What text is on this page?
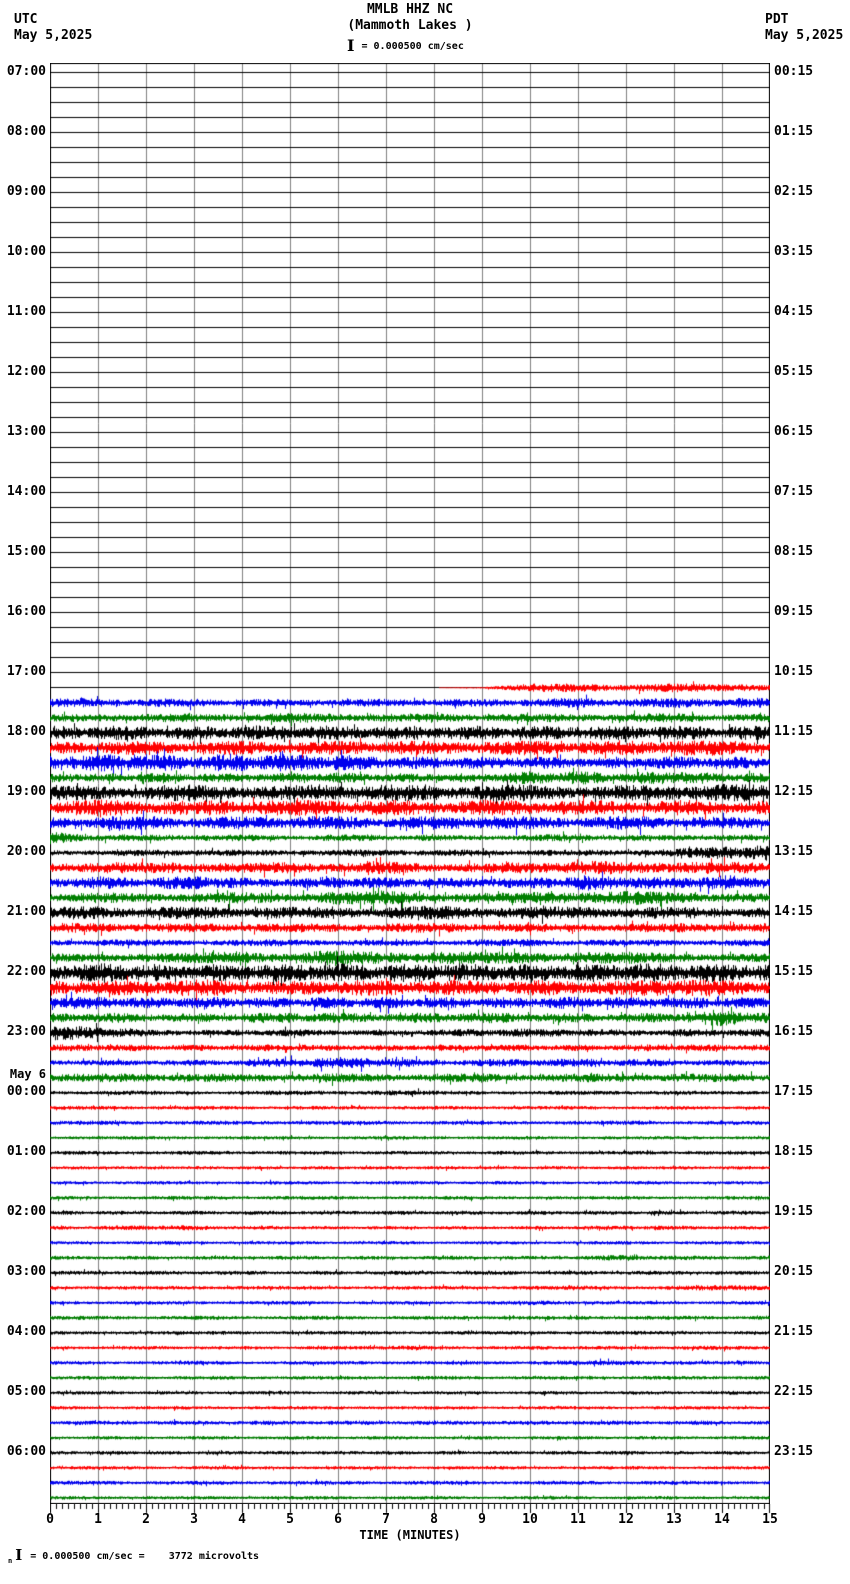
UTC
May 5,2025
MMLB HHZ NC
(Mammoth Lakes )
I = 0.000500 cm/sec
PDT
May 5,2025
07:00
08:00
09:00
10:00
11:00
12:00
13:00
14:00
15:00
16:00
17:00
18:00
19:00
20:00
21:00
22:00
23:00
00:00
01:00
02:00
03:00
04:00
05:00
06:00
May 6
00:15
01:15
02:15
03:15
04:15
05:15
06:15
07:15
08:15
09:15
10:15
11:15
12:15
13:15
14:15
15:15
16:15
17:15
18:15
19:15
20:15
21:15
22:15
23:15
0	1	2	3	4	5	6	7	8	9	10	11	12	13	14	15
TIME (MINUTES)
n I = 0.000500 cm/sec =    3772 microvolts
